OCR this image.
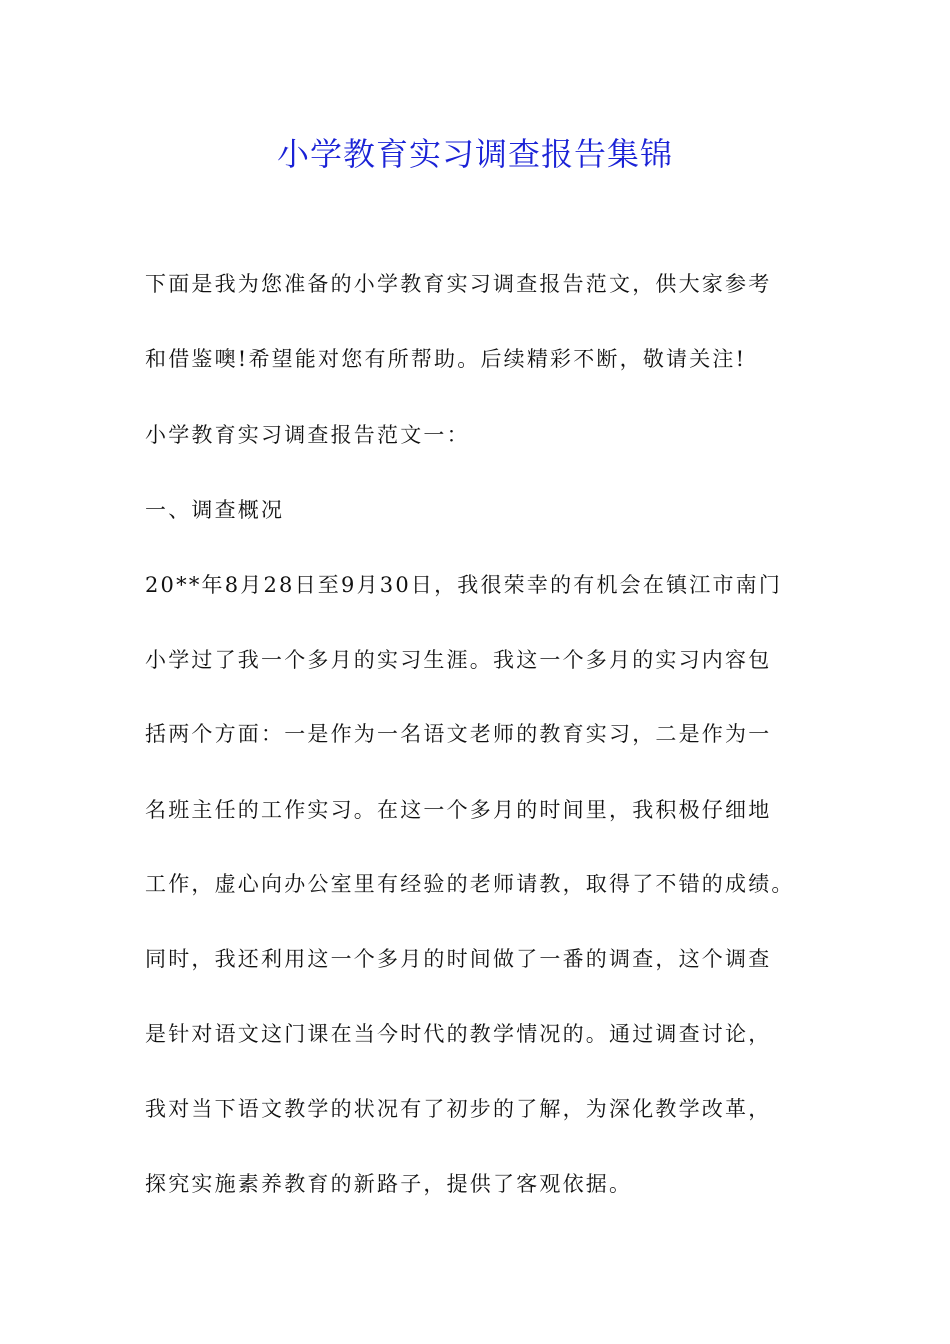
小学教育实习调查报告集锦

下面是我为您准备的小学教育实习调查报告范文，供大家参考

和借鉴噢!希望能对您有所帮助。后续精彩不断，敬请关注!

小学教育实习调查报告范文一：

一、调查概况

20**年8月28日至9月30日，我很荣幸的有机会在镇江市南门

小学过了我一个多月的实习生涯。我这一个多月的实习内容包

括两个方面：一是作为一名语文老师的教育实习，二是作为一

名班主任的工作实习。在这一个多月的时间里，我积极仔细地

工作，虚心向办公室里有经验的老师请教，取得了不错的成绩。

同时，我还利用这一个多月的时间做了一番的调查，这个调查

是针对语文这门课在当今时代的教学情况的。通过调查讨论，

我对当下语文教学的状况有了初步的了解，为深化教学改革，

探究实施素养教育的新路子，提供了客观依据。
